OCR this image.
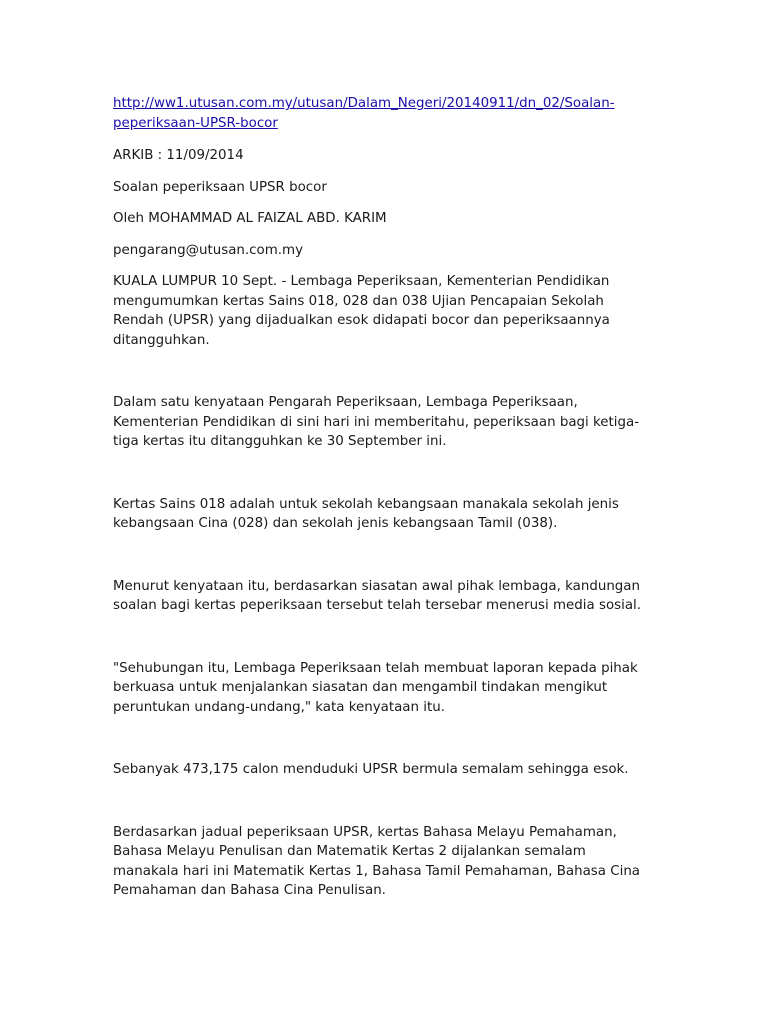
http://ww1.utusan.com.my/utusan/Dalam_Negeri/20140911/dn_02/Soalan-
peperiksaan-UPSR-bocor

ARKIB : 11/09/2014

Soalan peperiksaan UPSR bocor

Oleh MOHAMMAD AL FAIZAL ABD. KARIM

pengarang@utusan.com.my

KUALA LUMPUR 10 Sept. - Lembaga Peperiksaan, Kementerian Pendidikan mengumumkan kertas Sains 018, 028 dan 038 Ujian Pencapaian Sekolah Rendah (UPSR) yang dijadualkan esok didapati bocor dan peperiksaannya ditangguhkan.

Dalam satu kenyataan Pengarah Peperiksaan, Lembaga Peperiksaan, Kementerian Pendidikan di sini hari ini memberitahu, peperiksaan bagi ketiga-tiga kertas itu ditangguhkan ke 30 September ini.

Kertas Sains 018 adalah untuk sekolah kebangsaan manakala sekolah jenis kebangsaan Cina (028) dan sekolah jenis kebangsaan Tamil (038).

Menurut kenyataan itu, berdasarkan siasatan awal pihak lembaga, kandungan soalan bagi kertas peperiksaan tersebut telah tersebar menerusi media sosial.

"Sehubungan itu, Lembaga Peperiksaan telah membuat laporan kepada pihak berkuasa untuk menjalankan siasatan dan mengambil tindakan mengikut peruntukan undang-undang," kata kenyataan itu.

Sebanyak 473,175 calon menduduki UPSR bermula semalam sehingga esok.

Berdasarkan jadual peperiksaan UPSR, kertas Bahasa Melayu Pemahaman, Bahasa Melayu Penulisan dan Matematik Kertas 2 dijalankan semalam manakala hari ini Matematik Kertas 1, Bahasa Tamil Pemahaman, Bahasa Cina Pemahaman dan Bahasa Cina Penulisan.
